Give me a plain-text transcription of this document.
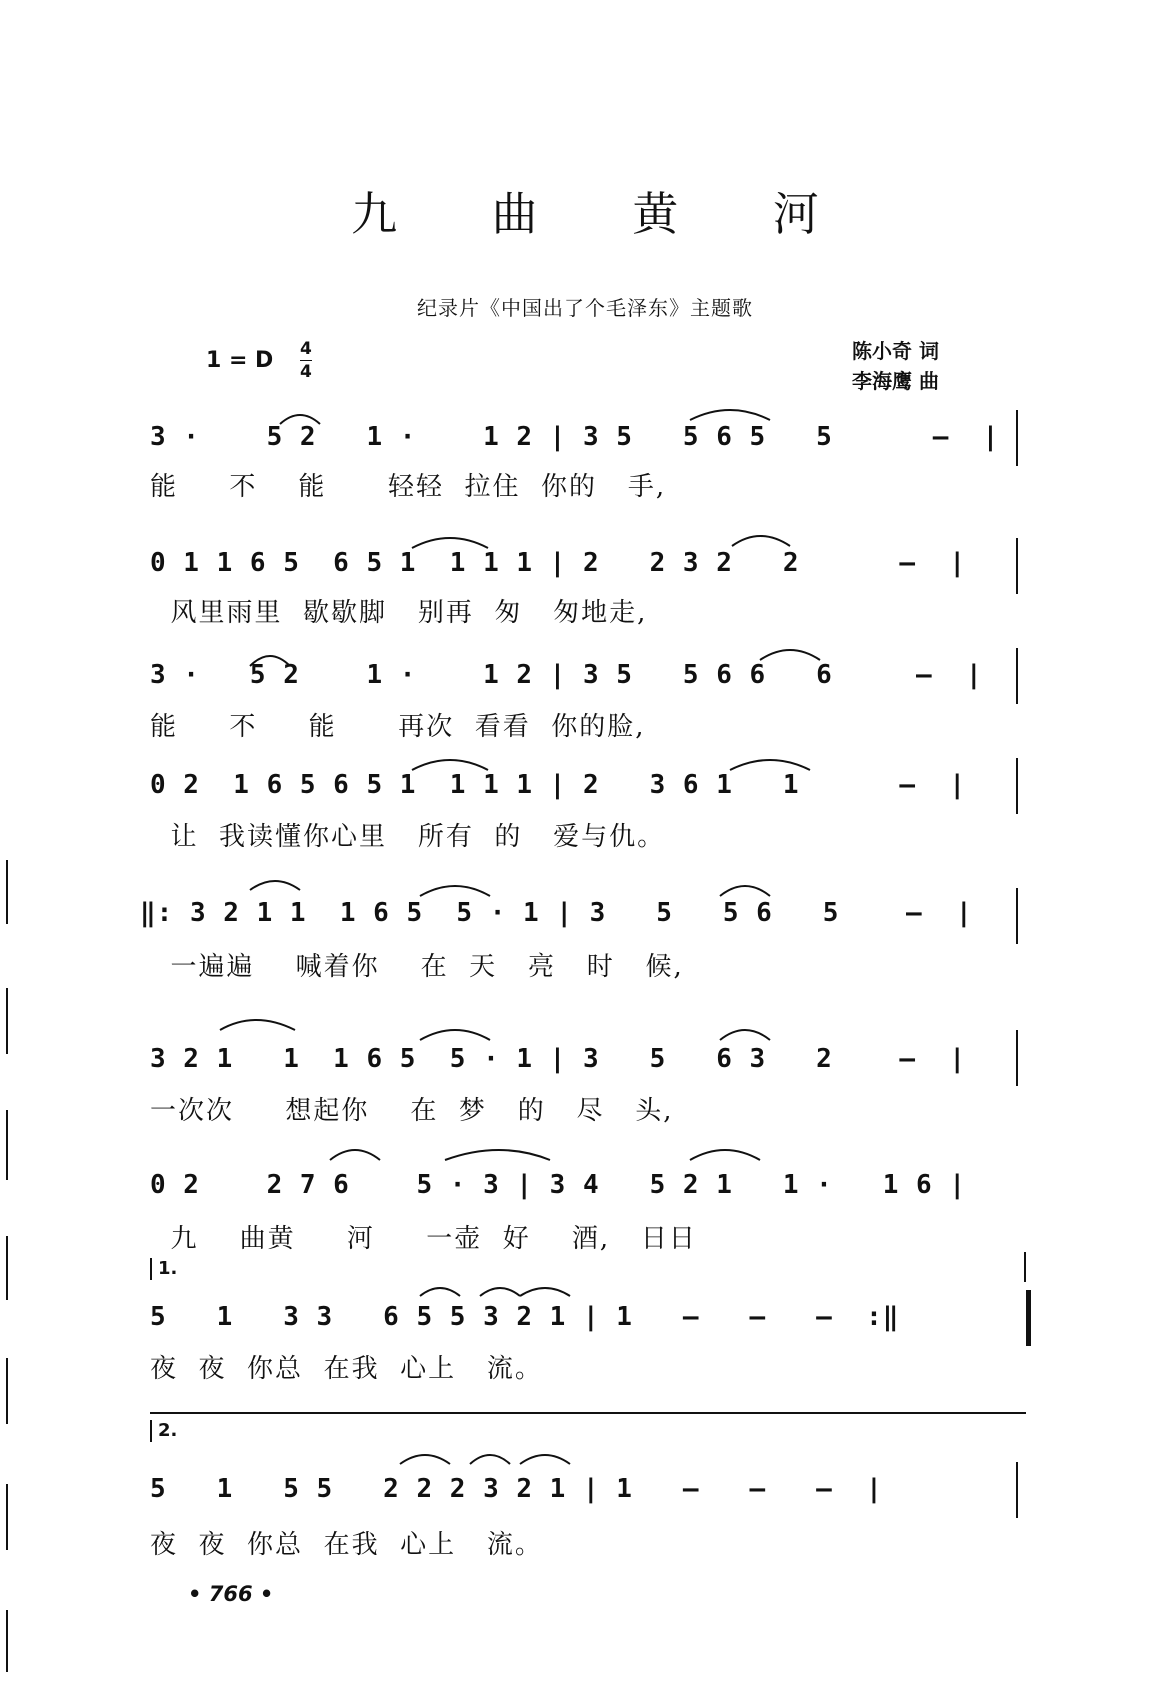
九 曲 黄 河
纪录片《中国出了个毛泽东》主题歌
1 = D 4
4
陈小奇 词
李海鹰 曲
3 ·    5 2   1 ·    1 2 | 3 5   5 6 5   5      —  |
能     不    能      轻轻  拉住  你的   手,
0 1 1 6 5  6 5 1  1 1 1 | 2   2 3 2   2      —  |
风里雨里  歇歇脚   别再  匆   匆地走,
3 ·   5 2    1 ·    1 2 | 3 5   5 6 6   6     —  |
能     不     能      再次  看看  你的脸,
0 2  1 6 5 6 5 1  1 1 1 | 2   3 6 1   1      —  |
让  我读懂你心里   所有  的   爱与仇。
‖: 3 2 1 1  1 6 5  5 · 1 | 3   5   5 6   5    —  |
一遍遍    喊着你    在  天   亮   时   候,
3 2 1   1  1 6 5  5 · 1 | 3   5   6 3   2    —  |
一次次     想起你    在  梦   的   尽   头,
0 2    2 7 6    5 · 3 | 3 4   5 2 1   1 ·   1 6 |
九    曲黄     河     一壶  好    酒,   日日
1.
5   1   3 3   6 5 5 3 2 1 | 1   —   —   —  :‖
夜  夜  你总  在我  心上   流。
2.
5   1   5 5   2 2 2 3 2 1 | 1   —   —   —  |
夜  夜  你总  在我  心上   流。
• 766 •
